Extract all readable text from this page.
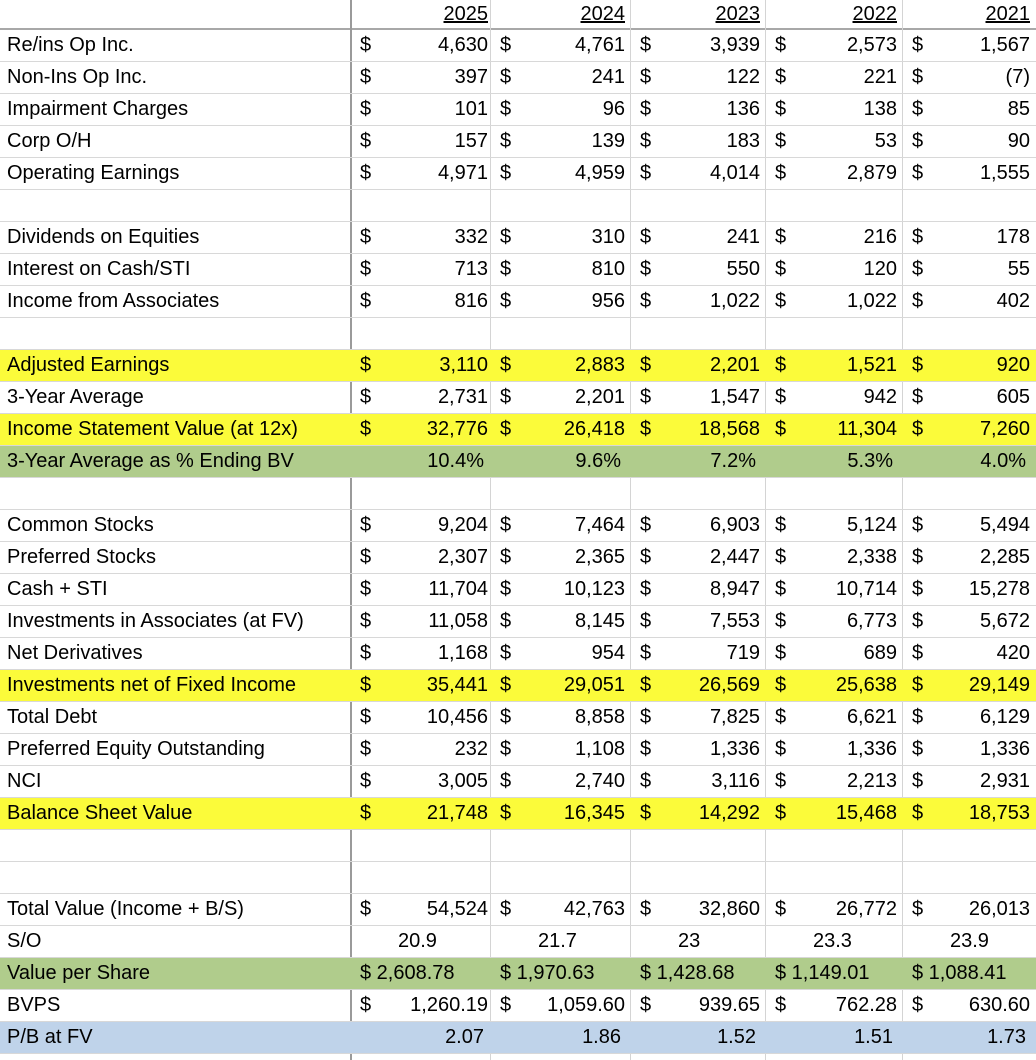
2025	2024	2023	2022	2021
Re/ins Op Inc.	$	4,630 $	4,761 $	3,939 $	2,573 $	1,567
Non-Ins Op Inc.	$	397 $	241 $	122 $	221 $	(7)
Impairment Charges	$	101 $	96 $	136 $	138 $	85
Corp O/H	$	157 $	139 $	183 $	53 $	90
Operating Earnings	$	4,971 $	4,959 $	4,014 $	2,879 $	1,555
Dividends on Equities	$	332 $	310 $	241 $	216 $	178
Interest on Cash/STI	$	713 $	810 $	550 $	120 $	55
Income from Associates	$	816 $	956 $	1,022 $	1,022 $	402
Adjusted Earnings	$	3,110 $	2,883 $	2,201 $	1,521 $	920
3-Year Average	$	2,731 $	2,201 $	1,547 $	942 $	605
Income Statement Value (at 12x)	$	32,776 $	26,418 $	18,568 $	11,304 $	7,260
3-Year Average as % Ending BV	10.4%	9.6%	7.2%	5.3%	4.0%
Common Stocks	$	9,204 $	7,464 $	6,903 $	5,124 $	5,494
Preferred Stocks	$	2,307 $	2,365 $	2,447 $	2,338 $	2,285
Cash + STI	$	11,704 $	10,123 $	8,947 $	10,714 $	15,278
Investments in Associates (at FV)	$	11,058 $	8,145 $	7,553 $	6,773 $	5,672
Net Derivatives	$	1,168 $	954 $	719 $	689 $	420
Investments net of Fixed Income	$	35,441 $	29,051 $	26,569 $	25,638 $	29,149
Total Debt	$	10,456 $	8,858 $	7,825 $	6,621 $	6,129
Preferred Equity Outstanding	$	232 $	1,108 $	1,336 $	1,336 $	1,336
NCI	$	3,005 $	2,740 $	3,116 $	2,213 $	2,931
Balance Sheet Value	$	21,748 $	16,345 $	14,292 $	15,468 $	18,753
Total Value (Income + B/S)	$	54,524 $	42,763 $	32,860 $	26,772 $	26,013
S/O	20.9	21.7	23	23.3	23.9
Value per Share	$ 2,608.78 $ 1,970.63 $ 1,428.68 $ 1,149.01 $ 1,088.41
BVPS	$	1,260.19 $	1,059.60 $	939.65 $	762.28 $	630.60
P/B at FV	2.07	1.86	1.52	1.51	1.73
